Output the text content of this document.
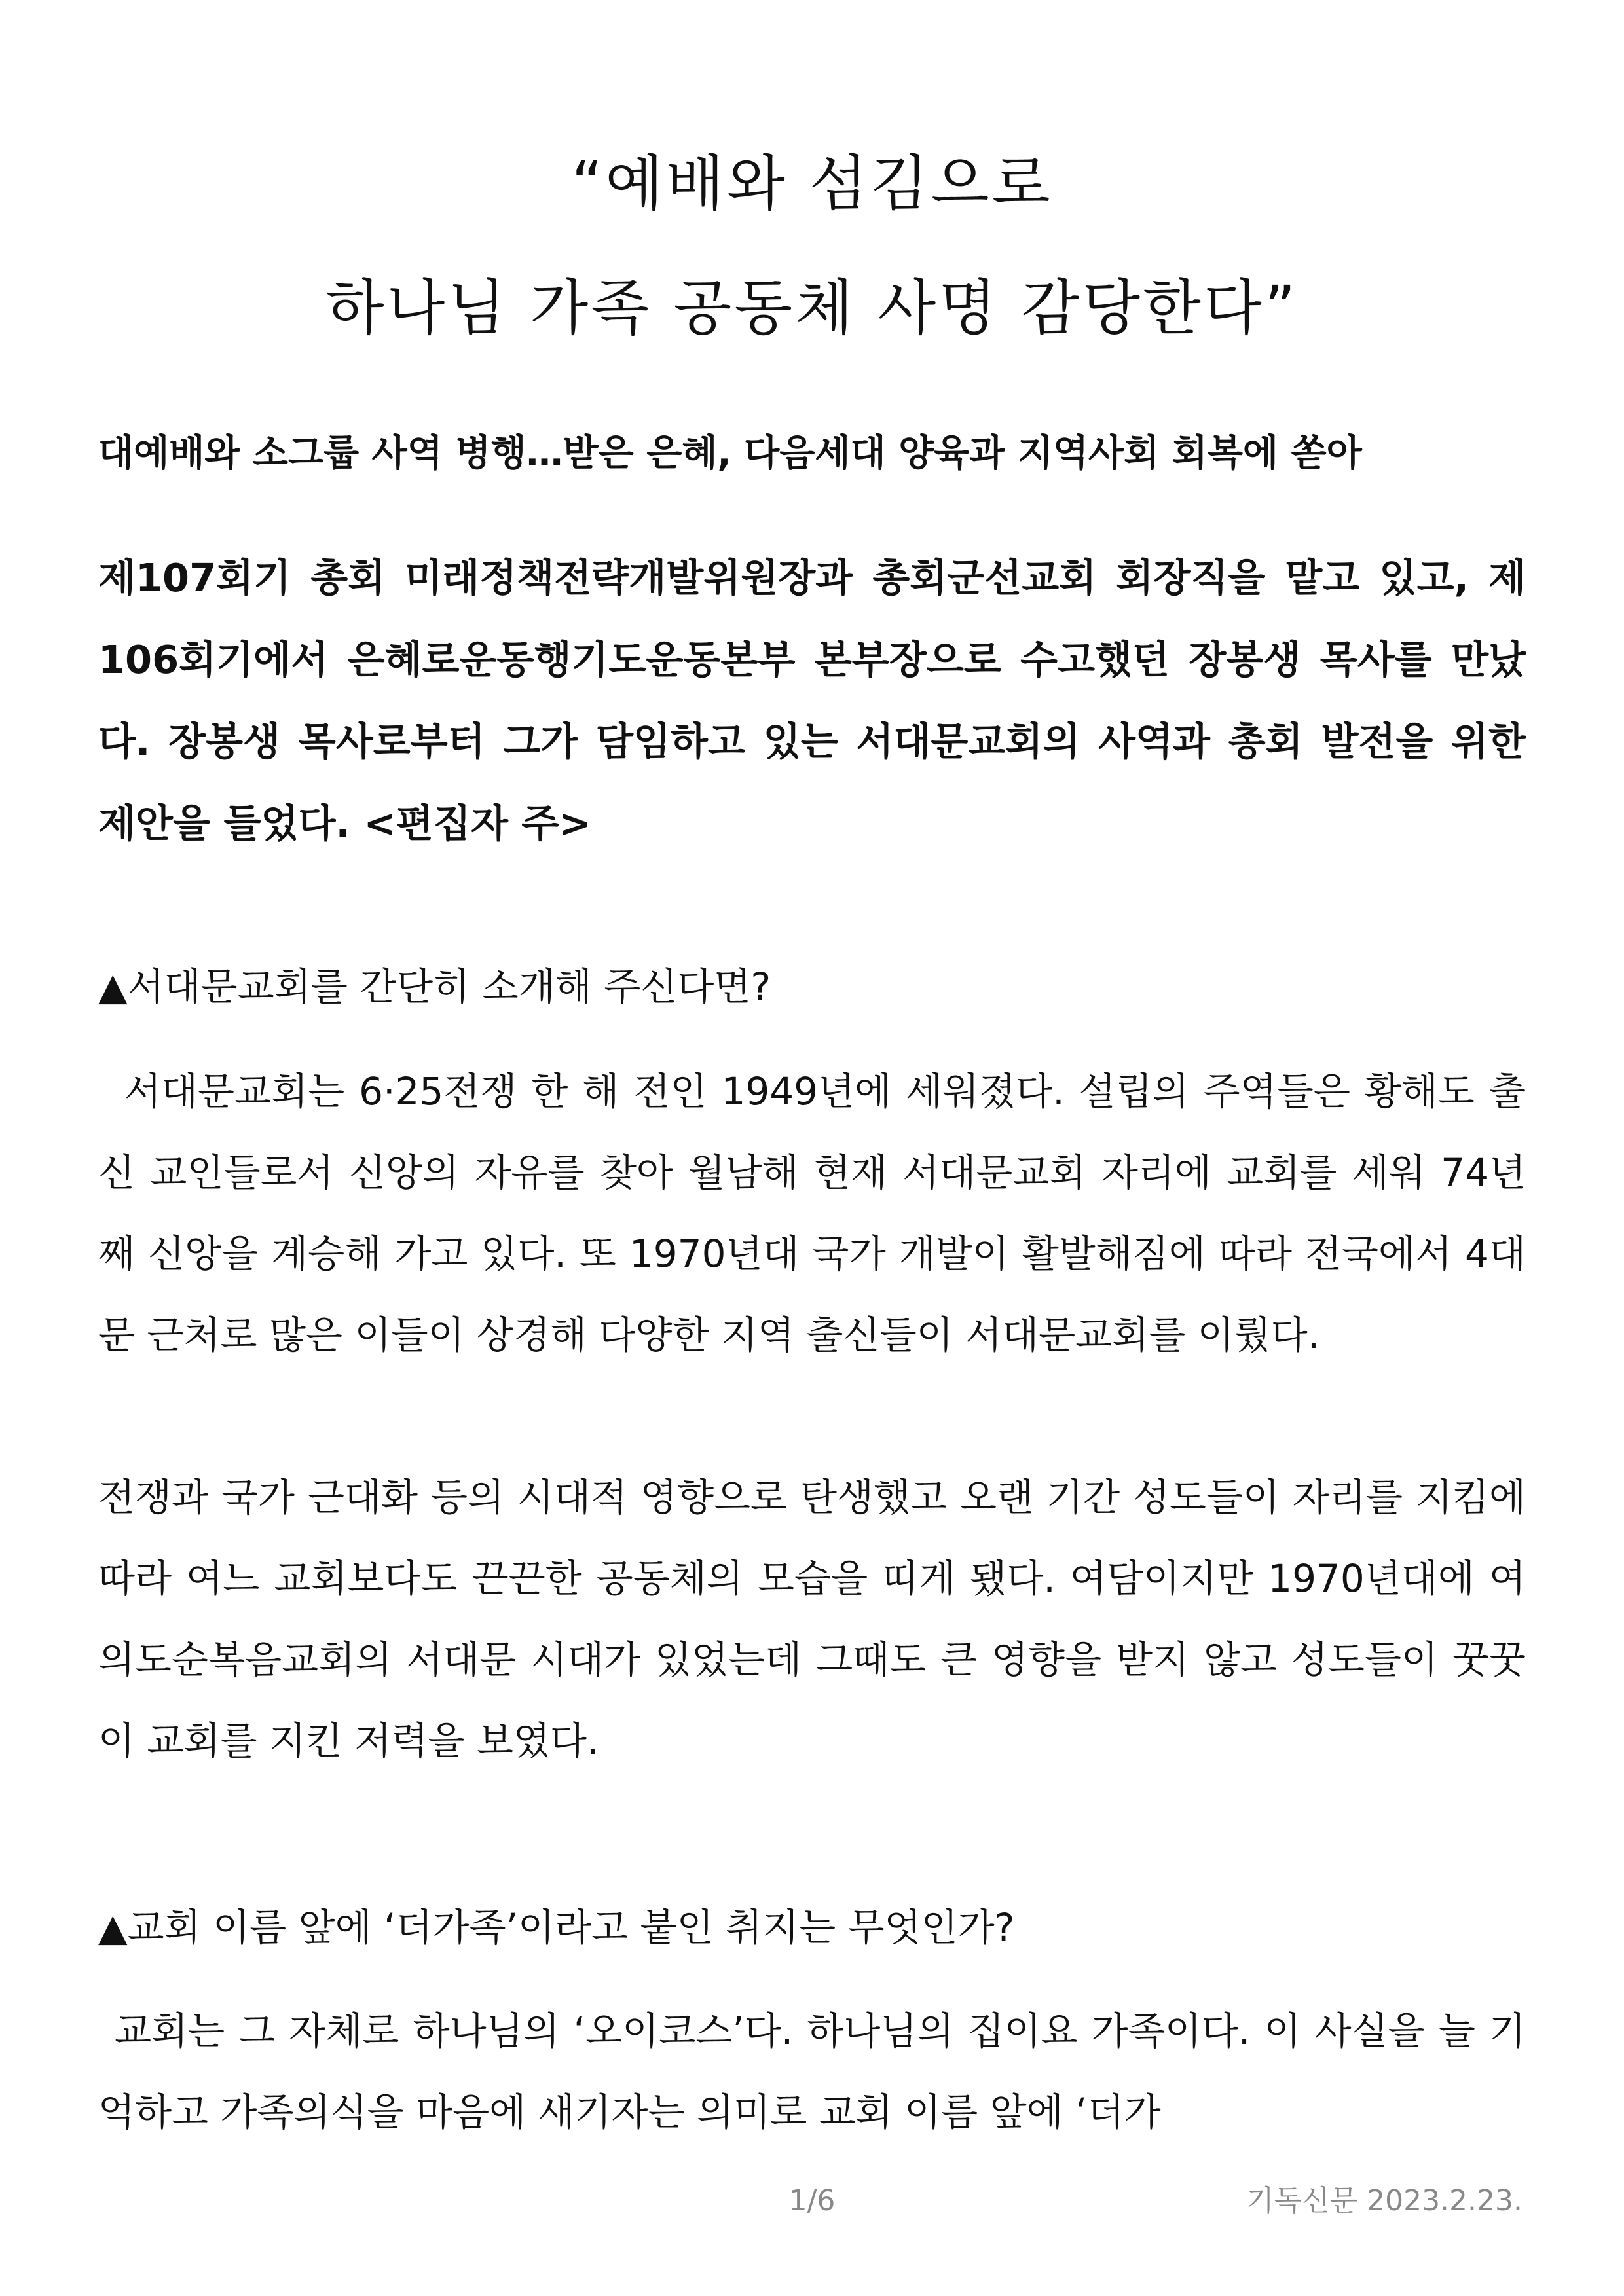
“예배와 섬김으로
하나님 가족 공동체 사명 감당한다”
대예배와 소그룹 사역 병행…받은 은혜, 다음세대 양육과 지역사회 회복에 쏟아

제107회기 총회 미래정책전략개발위원장과 총회군선교회 회장직을 맡고 있고, 제106회기에서 은혜로운동행기도운동본부 본부장으로 수고했던 장봉생 목사를 만났다. 장봉생 목사로부터 그가 담임하고 있는 서대문교회의 사역과 총회 발전을 위한 제안을 들었다. <편집자 주>

▲서대문교회를 간단히 소개해 주신다면?

서대문교회는 6·25전쟁 한 해 전인 1949년에 세워졌다. 설립의 주역들은 황해도 출신 교인들로서 신앙의 자유를 찾아 월남해 현재 서대문교회 자리에 교회를 세워 74년째 신앙을 계승해 가고 있다. 또 1970년대 국가 개발이 활발해짐에 따라 전국에서 4대문 근처로 많은 이들이 상경해 다양한 지역 출신들이 서대문교회를 이뤘다.

전쟁과 국가 근대화 등의 시대적 영향으로 탄생했고 오랜 기간 성도들이 자리를 지킴에 따라 여느 교회보다도 끈끈한 공동체의 모습을 띠게 됐다. 여담이지만 1970년대에 여의도순복음교회의 서대문 시대가 있었는데 그때도 큰 영향을 받지 않고 성도들이 꿋꿋이 교회를 지킨 저력을 보였다.

▲교회 이름 앞에 ‘더가족’이라고 붙인 취지는 무엇인가?

교회는 그 자체로 하나님의 ‘오이코스’다. 하나님의 집이요 가족이다. 이 사실을 늘 기억하고 가족의식을 마음에 새기자는 의미로 교회 이름 앞에 ‘더가

1/6	기독신문 2023.2.23.
